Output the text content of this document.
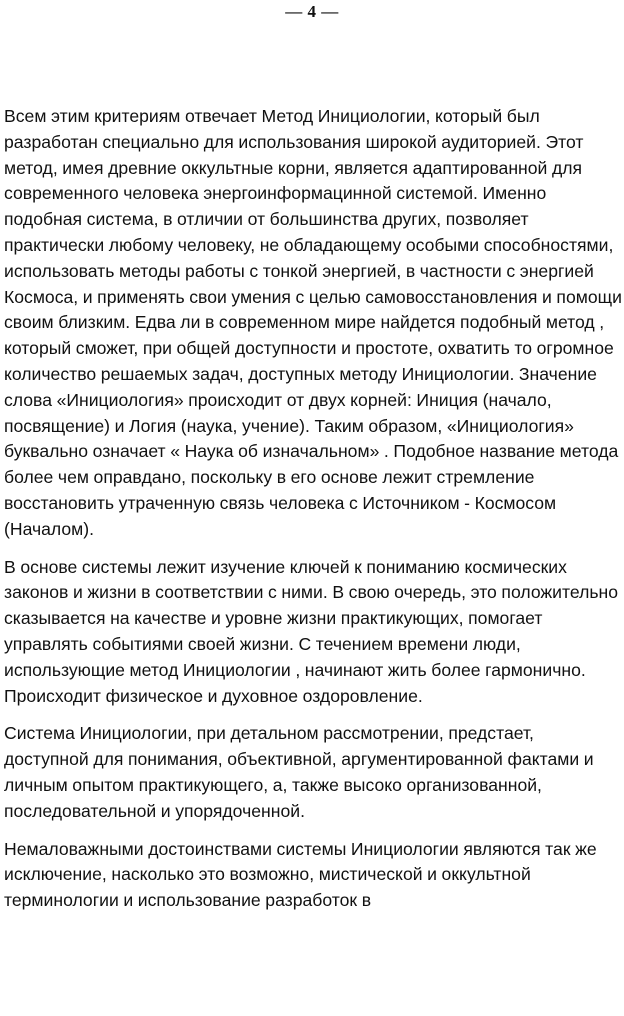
— 4 —

Всем этим критериям отвечает Метод Инициологии, который был разработан специально для использования широкой аудиторией. Этот метод, имея древние оккультные корни, является адаптированной для современного человека энергоинформацинной системой. Именно подобная система, в отличии от большинства других, позволяет практически любому человеку, не обладающему особыми способностями, использовать методы работы с тонкой энергией, в частности с энергией Космоса, и применять свои умения с целью самовосстановления и помощи своим близким. Едва ли в современном мире найдется подобный метод , который сможет, при общей доступности и простоте, охватить то огромное количество решаемых задач, доступных методу Инициологии. Значение слова «Инициология» происходит от двух корней: Иниция (начало, посвящение) и Логия (наука, учение). Таким образом, «Инициология» буквально означает « Наука об изначальном» . Подобное название метода более чем оправдано, поскольку в его основе лежит стремление восстановить утраченную связь человека с Источником - Космосом (Началом).

В основе системы лежит изучение ключей к пониманию космических законов и жизни в соответствии с ними. В свою очередь, это положительно сказывается на качестве и уровне жизни практикующих, помогает управлять событиями своей жизни. С течением времени люди, использующие метод Инициологии , начинают жить более гармонично. Происходит физическое и духовное оздоровление.

Система Инициологии, при детальном рассмотрении, предстает, доступной для понимания, объективной, аргументированной фактами и личным опытом практикующего, а, также высоко организованной, последовательной и упорядоченной.

Немаловажными достоинствами системы Инициологии являются так же исключение, насколько это возможно, мистической и оккультной терминологии и использование разработок в
